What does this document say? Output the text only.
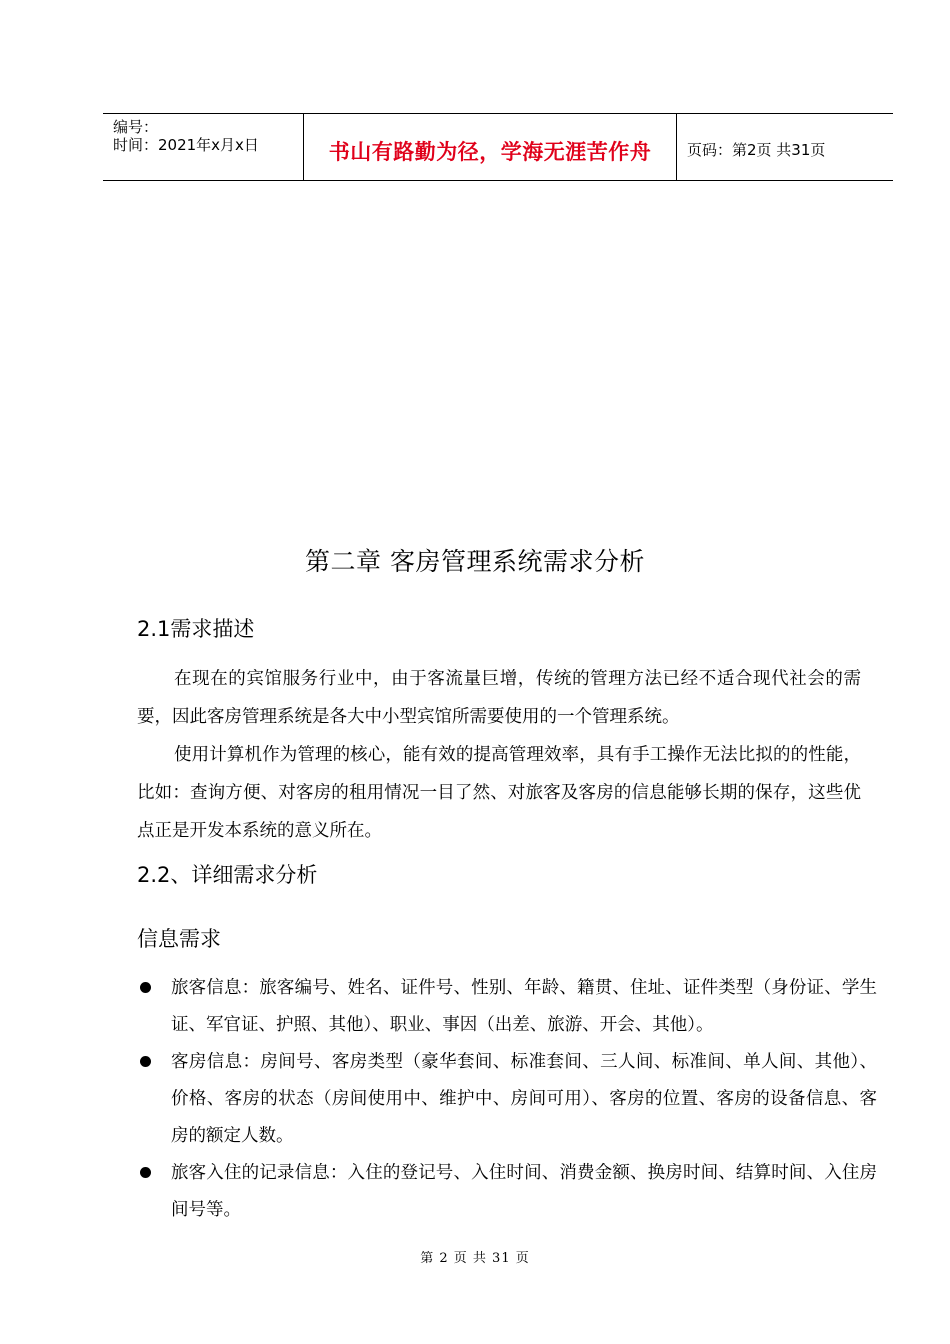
编号：
时间：2021年x月x日	书山有路勤为径，学海无涯苦作舟	页码：第2页 共31页
第二章 客房管理系统需求分析
2.1需求描述

在现在的宾馆服务行业中，由于客流量巨增，传统的管理方法已经不适合现代社会的需要，因此客房管理系统是各大中小型宾馆所需要使用的一个管理系统。

使用计算机作为管理的核心，能有效的提高管理效率，具有手工操作无法比拟的的性能，比如：查询方便、对客房的租用情况一目了然、对旅客及客房的信息能够长期的保存，这些优点正是开发本系统的意义所在。

2.2、详细需求分析
信息需求
旅客信息：旅客编号、姓名、证件号、性别、年龄、籍贯、住址、证件类型（身份证、学生证、军官证、护照、其他）、职业、事因（出差、旅游、开会、其他）。
客房信息：房间号、客房类型（豪华套间、标准套间、三人间、标准间、单人间、其他）、价格、客房的状态（房间使用中、维护中、房间可用）、客房的位置、客房的设备信息、客房的额定人数。
旅客入住的记录信息：入住的登记号、入住时间、消费金额、换房时间、结算时间、入住房间号等。
第 2 页 共 31 页
